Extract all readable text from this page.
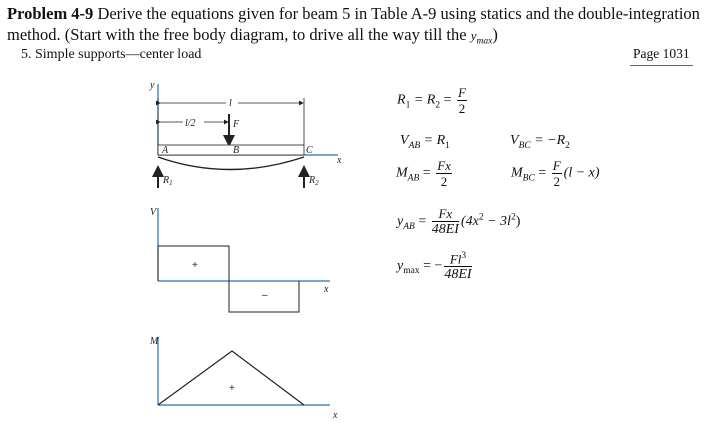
Problem 4-9 Derive the equations given for beam 5 in Table A-9 using statics and the double-integration method. (Start with the free body diagram, to drive all the way till the $y_{max}$)
5. Simple supports—center load	Page 1031
y
x
l
l/2	F
A	B	C
$R_1$	$R_2$
V
x
+
–
M
x
+
$R_1 = R_2 = \frac{F}{2}$
$V_{AB} = R_1$	$V_{BC} = -R_2$
$M_{AB} = \frac{Fx}{2}$	$M_{BC} = \frac{F}{2} (l - x)$
$y_{AB} = \frac{Fx}{48EI} (4x^2 - 3l^2)$
$y_{max}$ = − $\frac{Fl^3}{48EI}$
